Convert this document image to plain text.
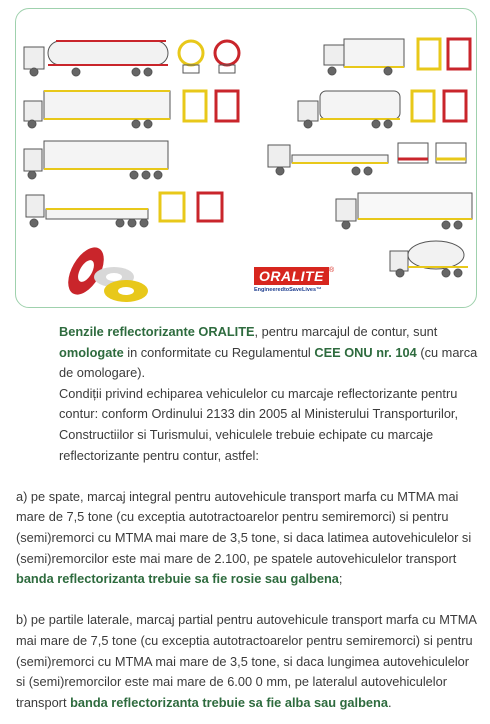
ORALITE ®
EngineeredtoSaveLives™

Benzile reflectorizante ORALITE, pentru marcajul de contur, sunt omologate in conformitate cu Regulamentul CEE ONU nr. 104 (cu marca de omologare).

Condiții privind echiparea vehiculelor cu marcaje reflectorizante pentru contur: conform Ordinului 2133 din 2005 al Ministerului Transporturilor, Constructiilor si Turismului, vehiculele trebuie echipate cu marcaje reflectorizante pentru contur, astfel:

a) pe spate, marcaj integral pentru autovehicule transport marfa cu MTMA mai mare de 7,5 tone (cu exceptia autotractoarelor pentru semiremorci) si pentru (semi)remorci cu MTMA mai mare de 3,5 tone, si daca latimea autovehiculelor si (semi)remorcilor este mai mare de 2.100, pe spatele autovehiculelor transport banda reflectorizanta trebuie sa fie rosie sau galbena;

b) pe partile laterale, marcaj partial pentru autovehicule transport marfa cu MTMA mai mare de 7,5 tone (cu exceptia autotractoarelor pentru semiremorci) si pentru (semi)remorci cu MTMA mai mare de 3,5 tone, si daca lungimea autovehiculelor si (semi)remorcilor este mai mare de 6.00 0 mm, pe lateralul autovehiculelor transport banda reflectorizanta trebuie sa fie alba sau galbena.
